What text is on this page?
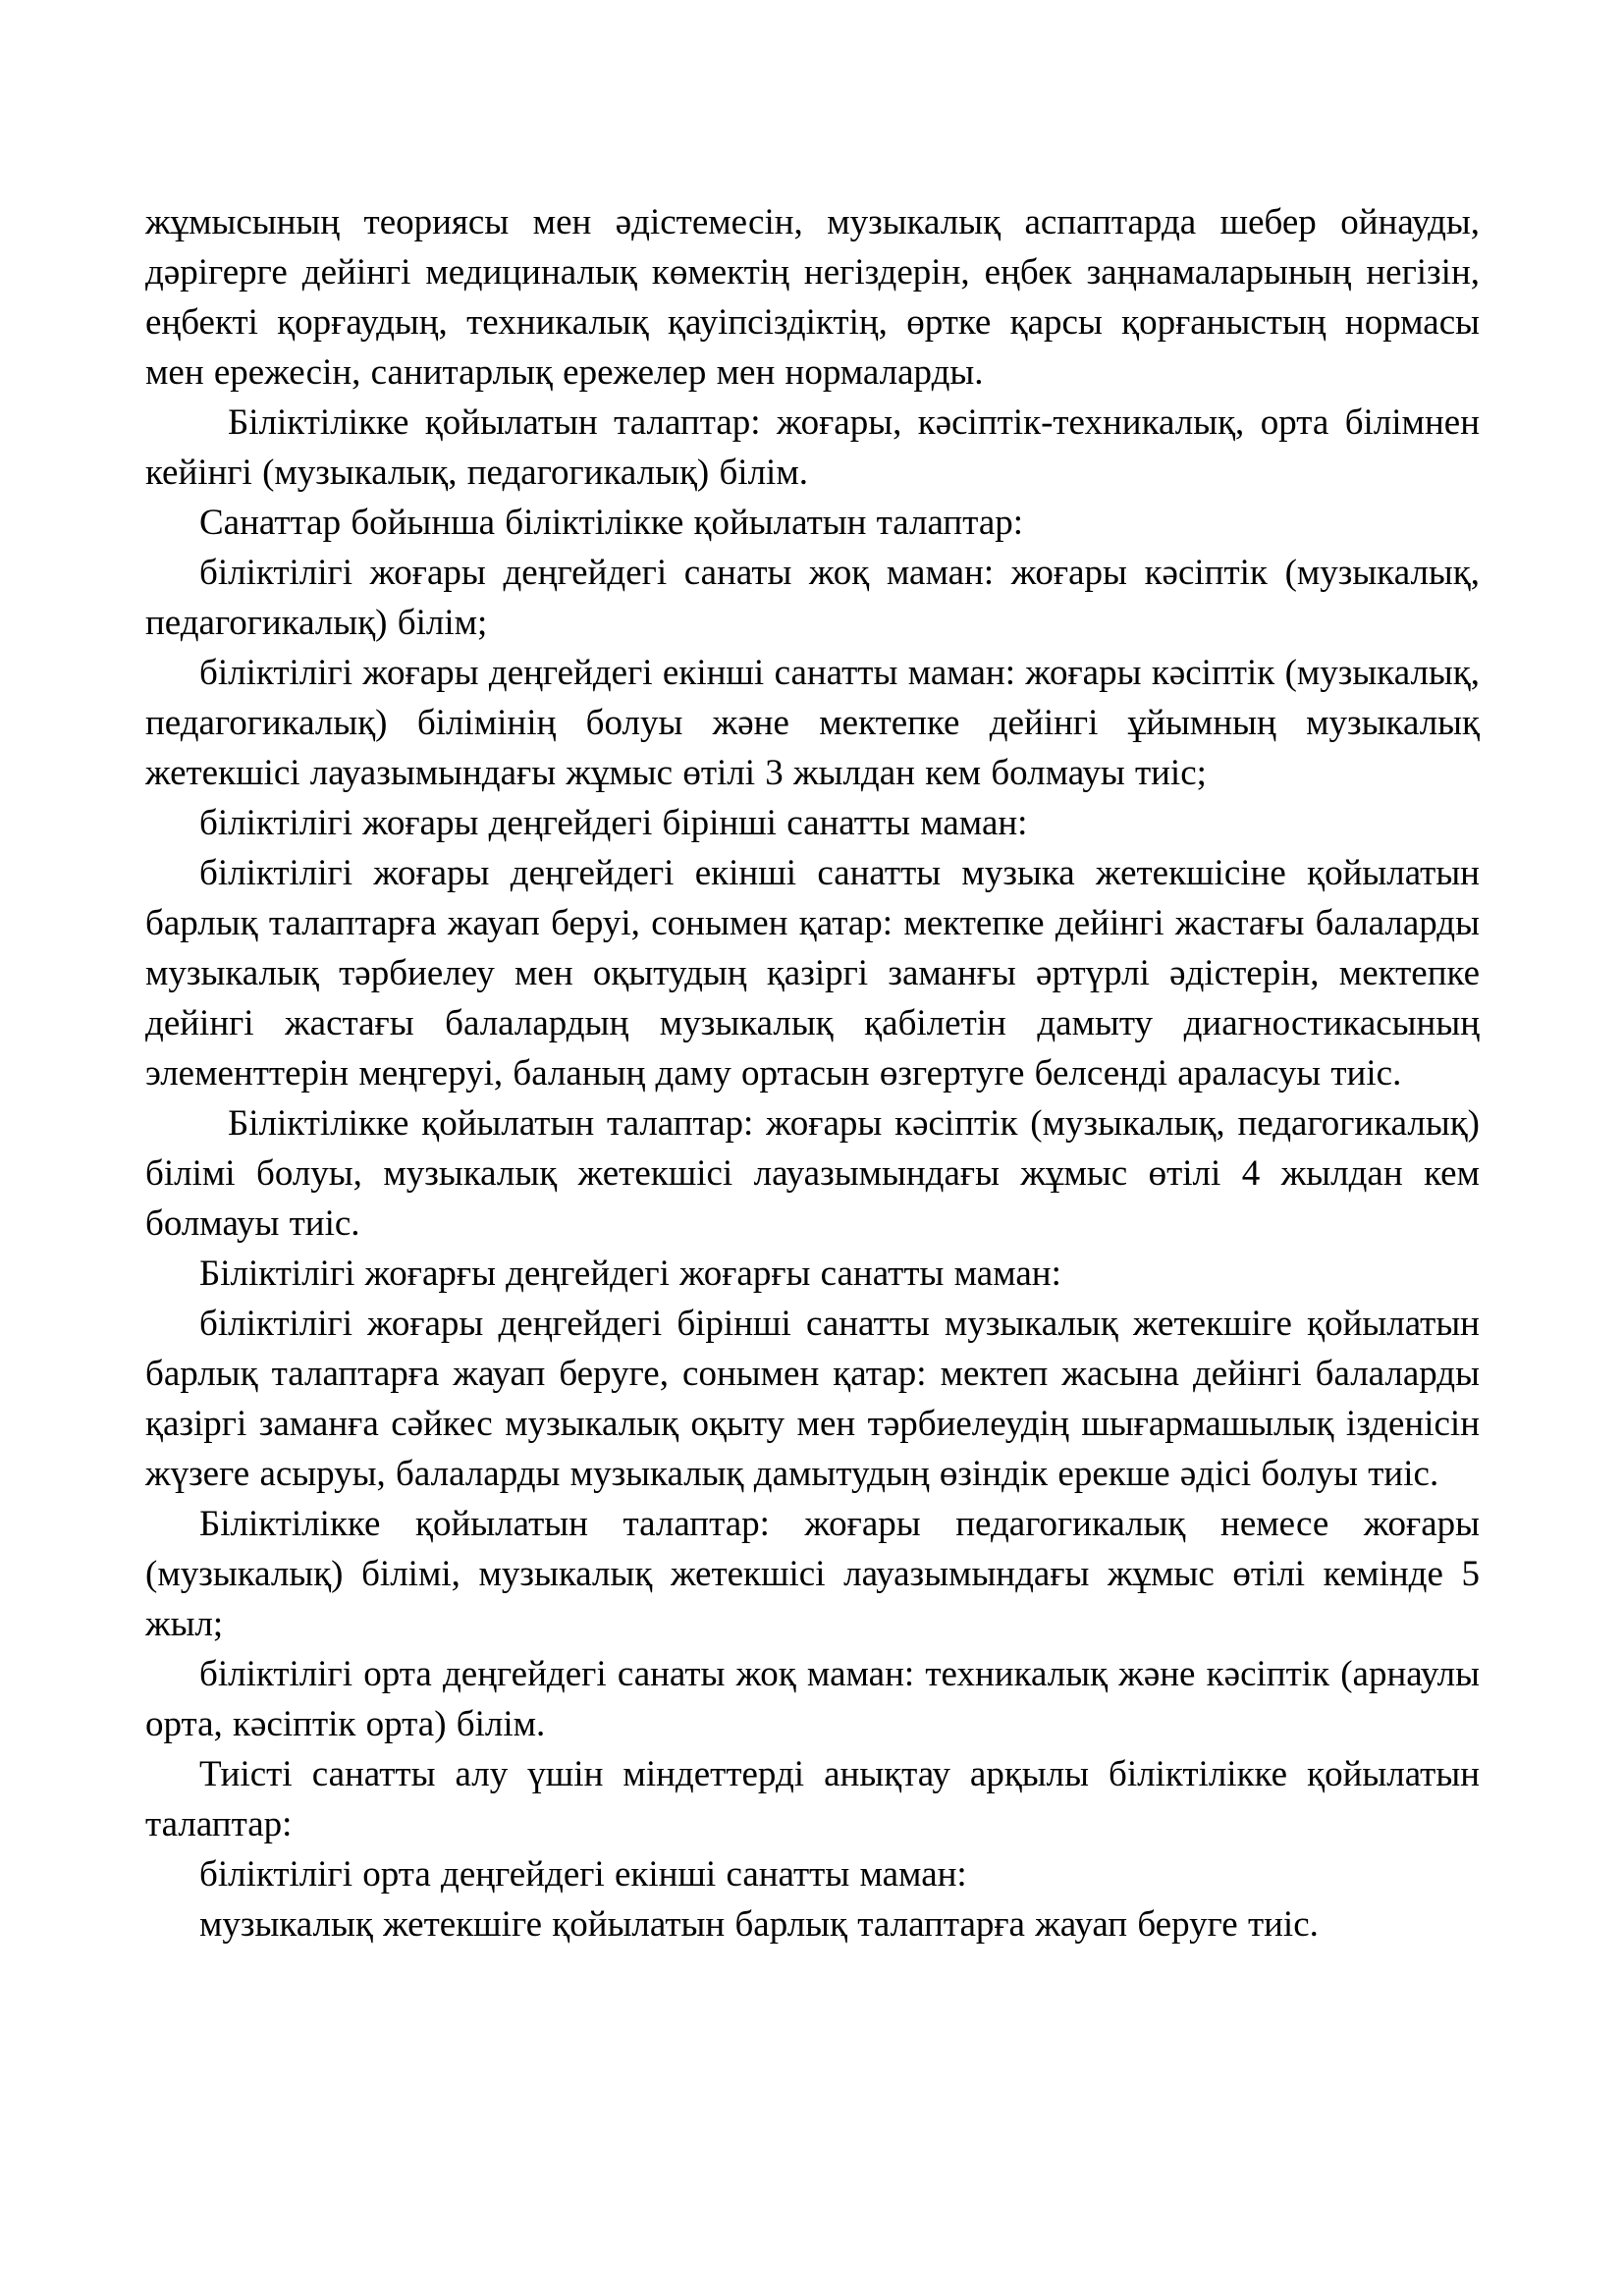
жұмысының теориясы мен әдістемесін, музыкалық аспаптарда шебер ойнауды, дәрігерге дейінгі медициналық көмектің негіздерін, еңбек заңнамаларының негізін, еңбекті қорғаудың, техникалық қауіпсіздіктің, өртке қарсы қорғаныстың нормасы мен ережесін, санитарлық ережелер мен нормаларды.

Біліктілікке қойылатын талаптар: жоғары, кәсіптік-техникалық, орта білімнен кейінгі (музыкалық, педагогикалық) білім.

Санаттар бойынша біліктілікке қойылатын талаптар:

біліктілігі жоғары деңгейдегі санаты жоқ маман: жоғары кәсіптік (музыкалық, педагогикалық) білім;

біліктілігі жоғары деңгейдегі екінші санатты маман: жоғары кәсіптік (музыкалық, педагогикалық) білімінің болуы және мектепке дейінгі ұйымның музыкалық жетекшісі лауазымындағы жұмыс өтілі 3 жылдан кем болмауы тиіс;

біліктілігі жоғары деңгейдегі бірінші санатты маман:

біліктілігі жоғары деңгейдегі екінші санатты музыка жетекшісіне қойылатын барлық талаптарға жауап беруі, сонымен қатар: мектепке дейінгі жастағы балаларды музыкалық тәрбиелеу мен оқытудың қазіргі заманғы әртүрлі әдістерін, мектепке дейінгі жастағы балалардың музыкалық қабілетін дамыту диагностикасының элементтерін меңгеруі, баланың даму ортасын өзгертуге белсенді араласуы тиіс.

Біліктілікке қойылатын талаптар: жоғары кәсіптік (музыкалық, педагогикалық) білімі болуы, музыкалық жетекшісі лауазымындағы жұмыс өтілі 4 жылдан кем болмауы тиіс.

Біліктілігі жоғарғы деңгейдегі жоғарғы санатты маман:

біліктілігі жоғары деңгейдегі бірінші санатты музыкалық жетекшіге қойылатын барлық талаптарға жауап беруге, сонымен қатар: мектеп жасына дейінгі балаларды қазіргі заманға сәйкес музыкалық оқыту мен тәрбиелеудің шығармашылық ізденісін жүзеге асыруы, балаларды музыкалық дамытудың өзіндік ерекше әдісі болуы тиіс.

Біліктілікке қойылатын талаптар: жоғары педагогикалық немесе жоғары (музыкалық) білімі, музыкалық жетекшісі лауазымындағы жұмыс өтілі кемінде 5 жыл;

біліктілігі орта деңгейдегі санаты жоқ маман: техникалық және кәсіптік (арнаулы орта, кәсіптік орта) білім.

Тиісті санатты алу үшін міндеттерді анықтау арқылы біліктілікке қойылатын талаптар:

біліктілігі орта деңгейдегі екінші санатты маман:

музыкалық жетекшіге қойылатын барлық талаптарға жауап беруге тиіс.
